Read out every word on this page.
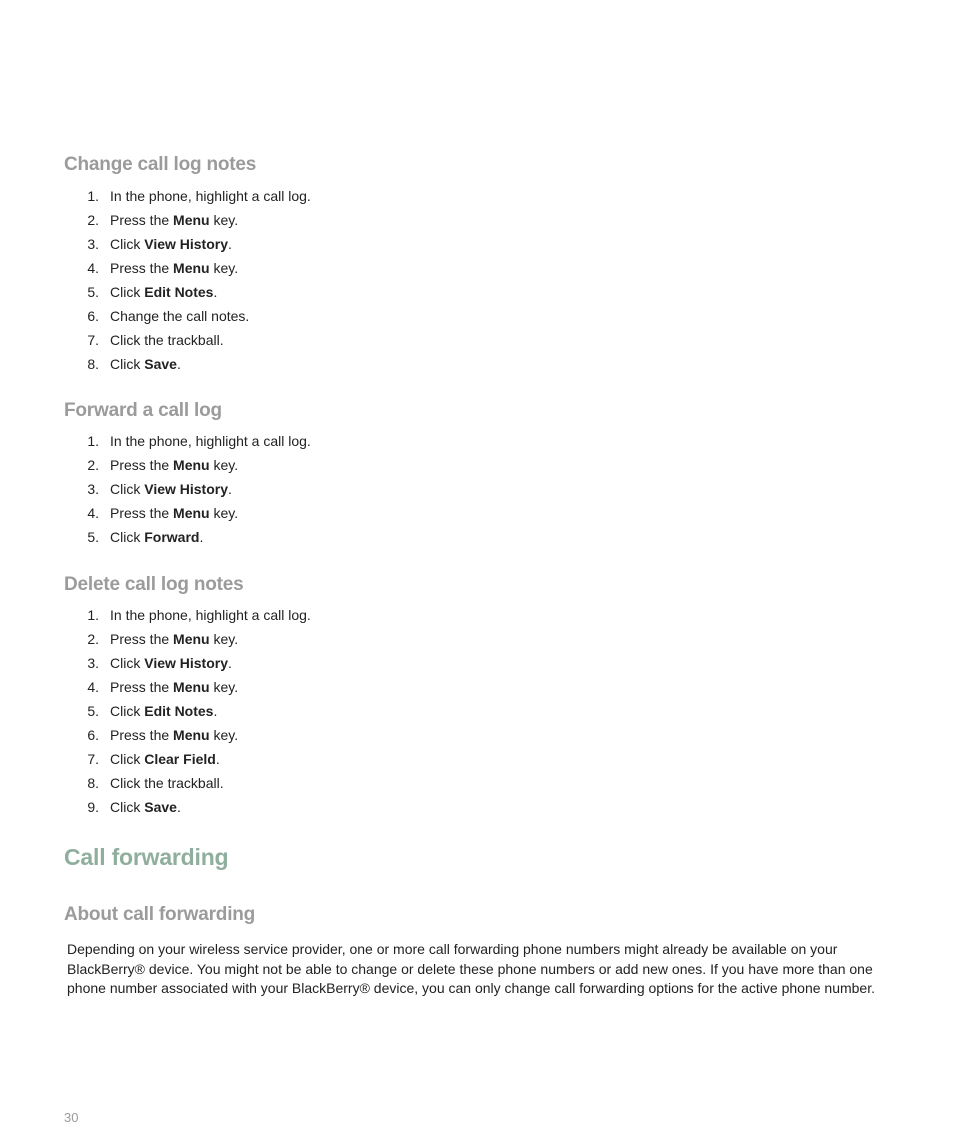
Change call log notes
1. In the phone, highlight a call log.
2. Press the Menu key.
3. Click View History.
4. Press the Menu key.
5. Click Edit Notes.
6. Change the call notes.
7. Click the trackball.
8. Click Save.
Forward a call log
1. In the phone, highlight a call log.
2. Press the Menu key.
3. Click View History.
4. Press the Menu key.
5. Click Forward.
Delete call log notes
1. In the phone, highlight a call log.
2. Press the Menu key.
3. Click View History.
4. Press the Menu key.
5. Click Edit Notes.
6. Press the Menu key.
7. Click Clear Field.
8. Click the trackball.
9. Click Save.
Call forwarding
About call forwarding

Depending on your wireless service provider, one or more call forwarding phone numbers might already be available on your BlackBerry® device. You might not be able to change or delete these phone numbers or add new ones. If you have more than one phone number associated with your BlackBerry® device, you can only change call forwarding options for the active phone number.

30
